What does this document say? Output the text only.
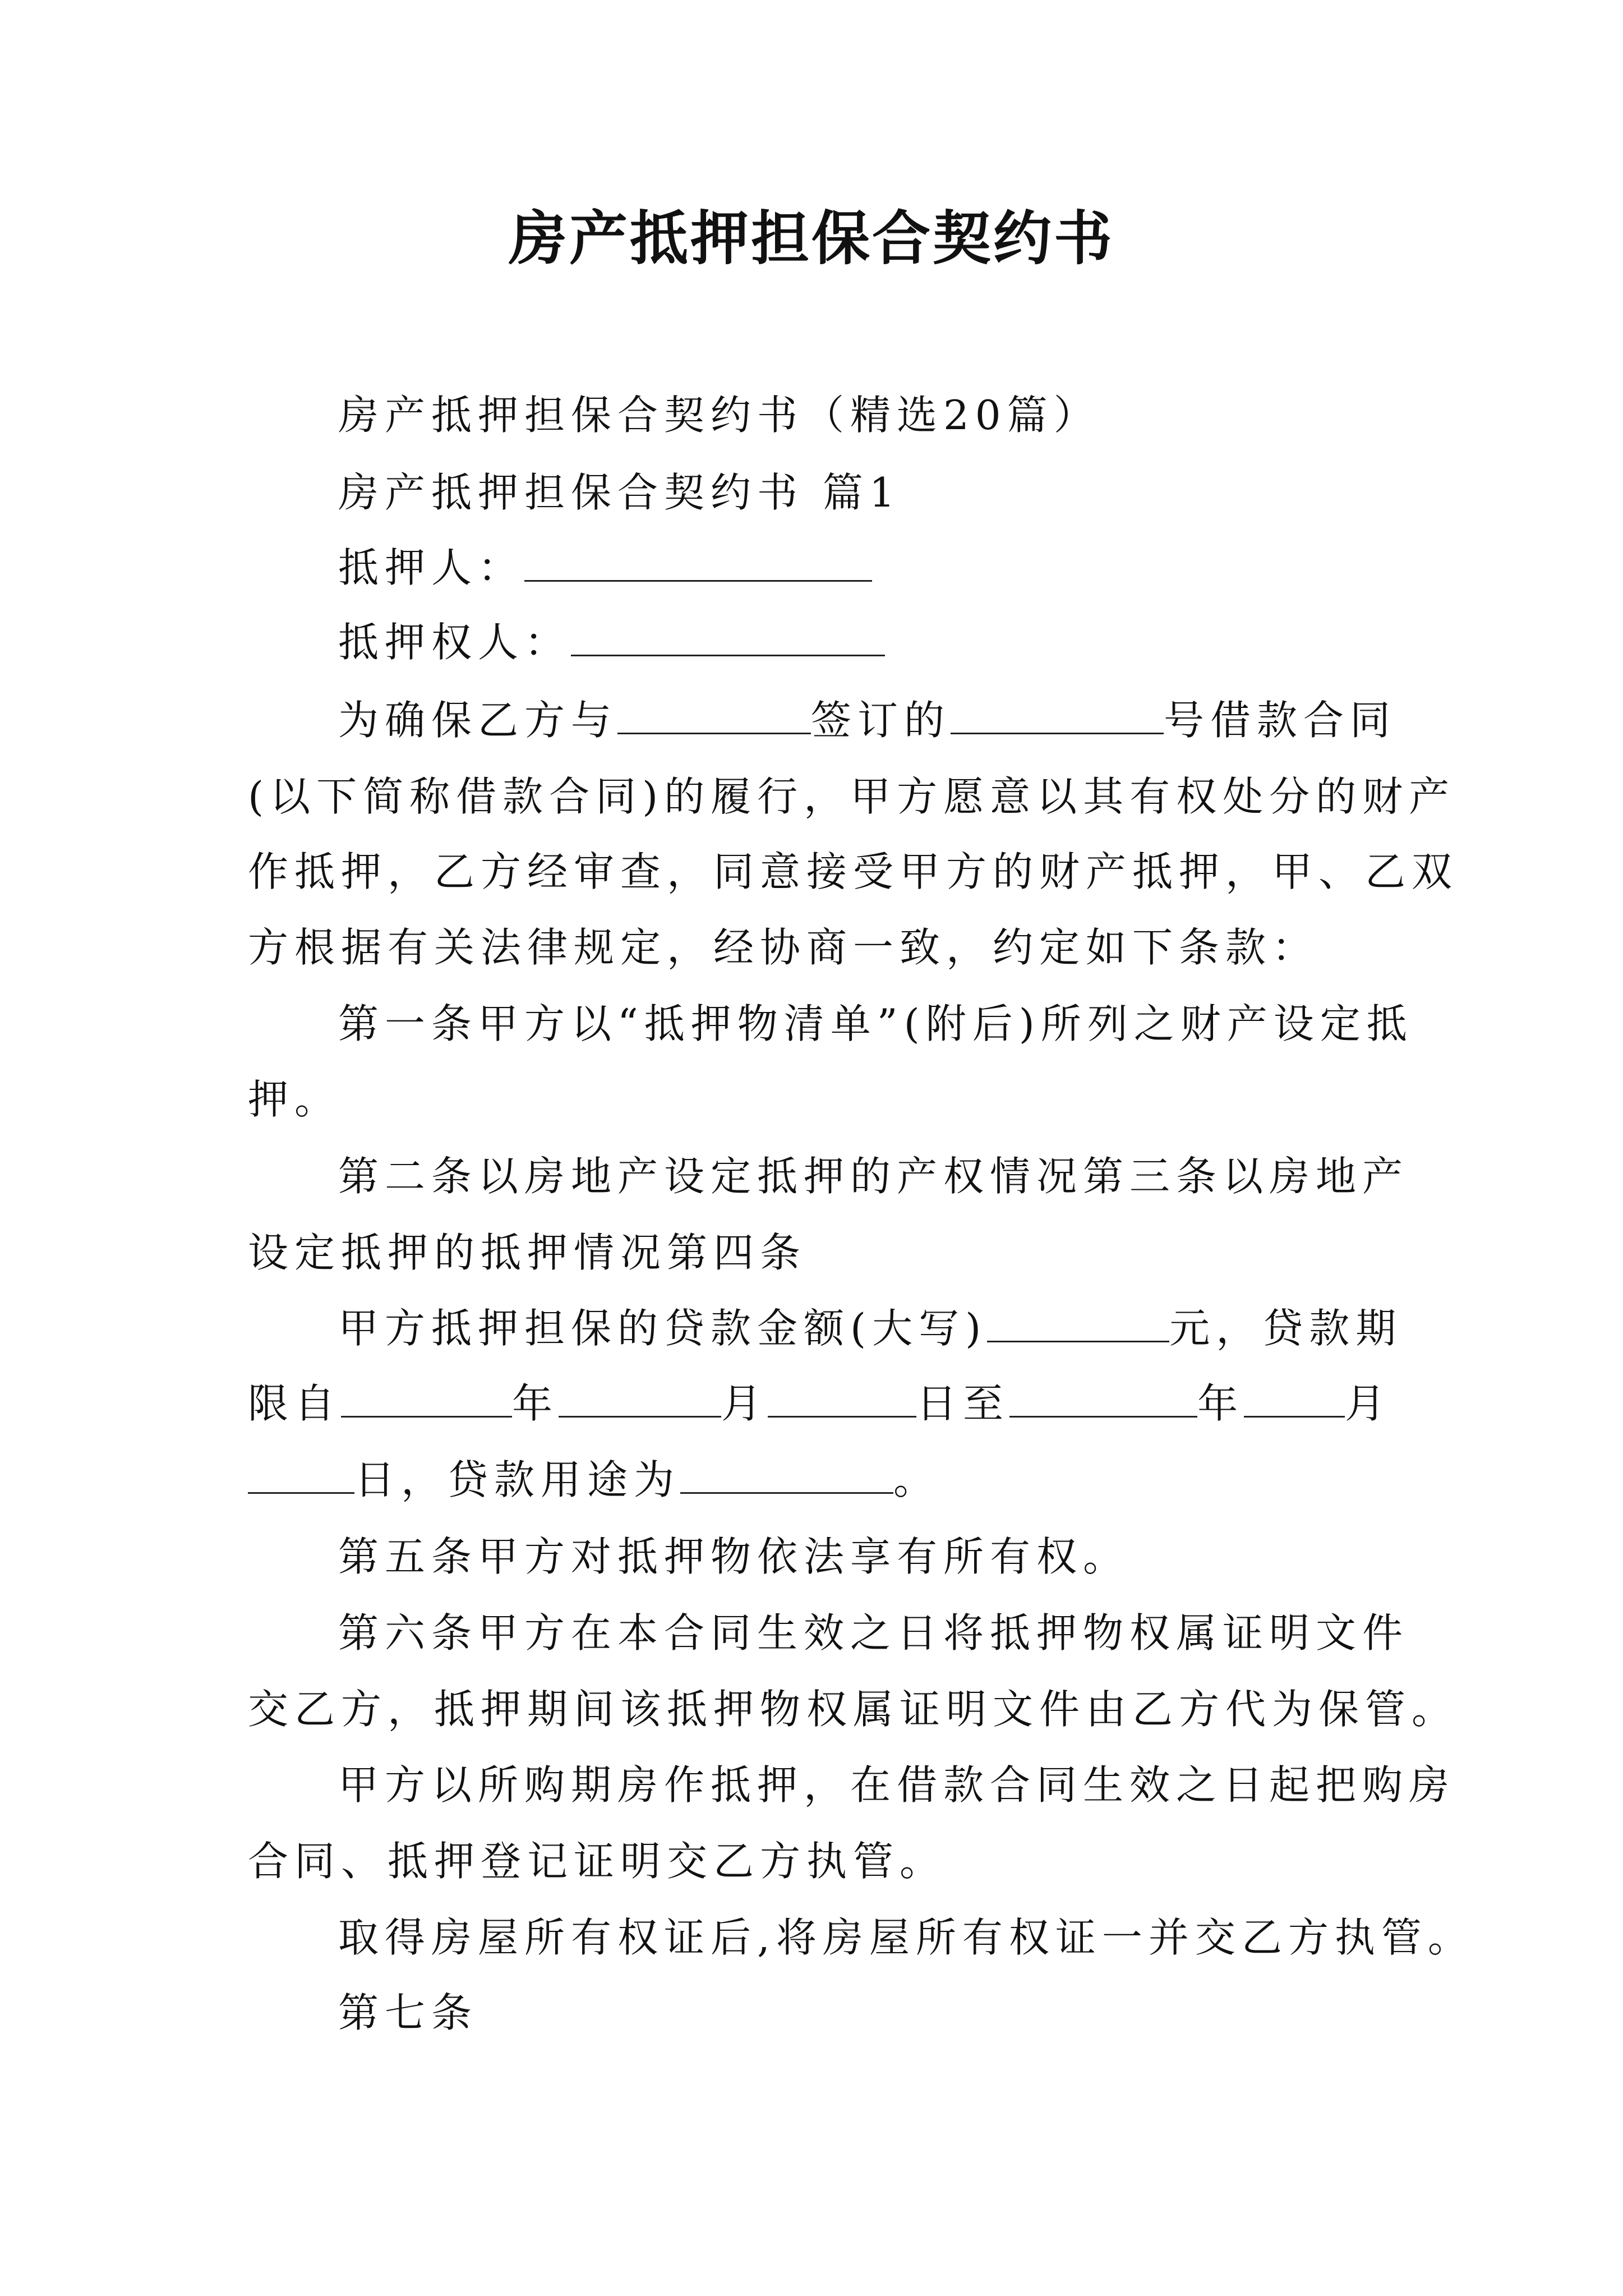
房产抵押担保合契约书
房产抵押担保合契约书（精选20篇）
房产抵押担保合契约书 篇1
抵押人：
抵押权人：
为确保乙方与	签订的	号借款合同
(以下简称借款合同)的履行，甲方愿意以其有权处分的财产
作抵押，乙方经审查，同意接受甲方的财产抵押，甲、乙双
方根据有关法律规定，经协商一致，约定如下条款：
第一条甲方以“抵押物清单”(附后)所列之财产设定抵
押。
第二条以房地产设定抵押的产权情况第三条以房地产
设定抵押的抵押情况第四条
甲方抵押担保的贷款金额(大写)	元，贷款期
限自	年	月	日至	年	月
日，贷款用途为	。
第五条甲方对抵押物依法享有所有权。
第六条甲方在本合同生效之日将抵押物权属证明文件
交乙方，抵押期间该抵押物权属证明文件由乙方代为保管。
甲方以所购期房作抵押，在借款合同生效之日起把购房
合同、抵押登记证明交乙方执管。
取得房屋所有权证后,将房屋所有权证一并交乙方执管。
第七条
